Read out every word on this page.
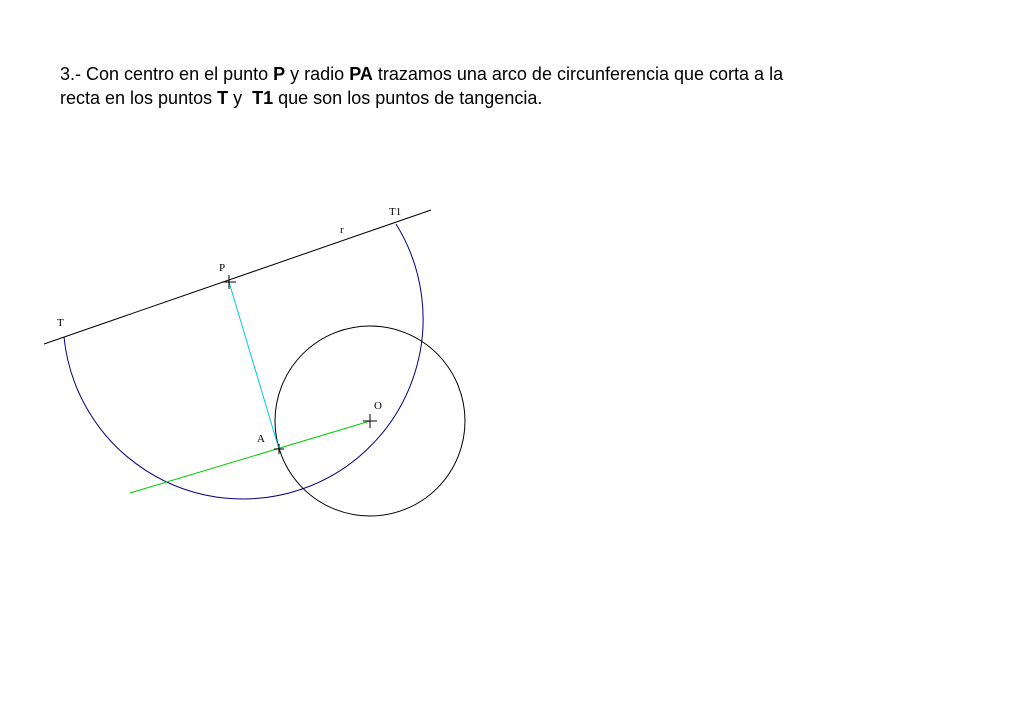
3.- Con centro en el punto P y radio PA trazamos una arco de circunferencia que corta a la
recta en los puntos T y  T1 que son los puntos de tangencia.
T1
r
P
T
O
A
